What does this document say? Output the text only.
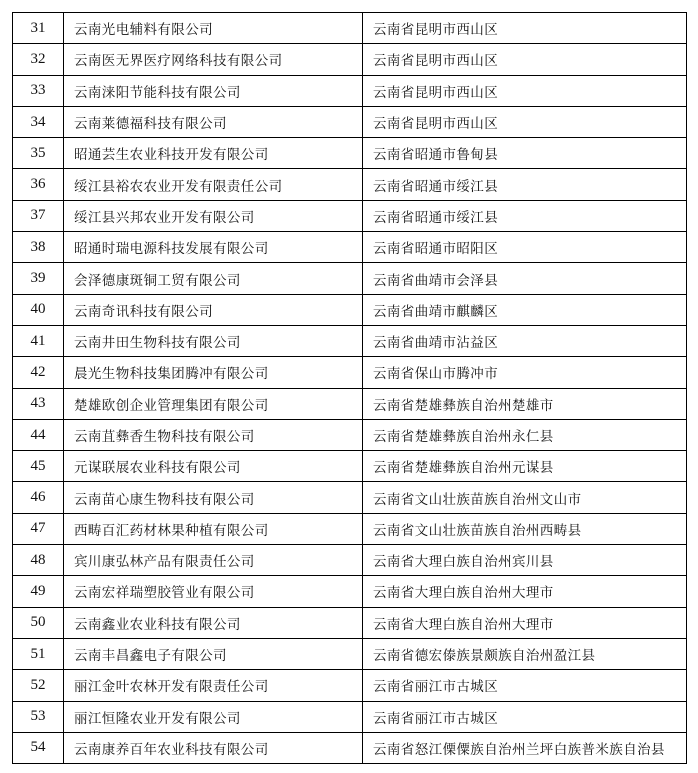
31	云南光电辅料有限公司	云南省昆明市西山区
32	云南医无界医疗网络科技有限公司	云南省昆明市西山区
33	云南涞阳节能科技有限公司	云南省昆明市西山区
34	云南莱德福科技有限公司	云南省昆明市西山区
35	昭通芸生农业科技开发有限公司	云南省昭通市鲁甸县
36	绥江县裕农农业开发有限责任公司	云南省昭通市绥江县
37	绥江县兴邦农业开发有限公司	云南省昭通市绥江县
38	昭通时瑞电源科技发展有限公司	云南省昭通市昭阳区
39	会泽德康斑铜工贸有限公司	云南省曲靖市会泽县
40	云南奇讯科技有限公司	云南省曲靖市麒麟区
41	云南井田生物科技有限公司	云南省曲靖市沾益区
42	晨光生物科技集团腾冲有限公司	云南省保山市腾冲市
43	楚雄欧创企业管理集团有限公司	云南省楚雄彝族自治州楚雄市
44	云南苴彝香生物科技有限公司	云南省楚雄彝族自治州永仁县
45	元谋联展农业科技有限公司	云南省楚雄彝族自治州元谋县
46	云南苗心康生物科技有限公司	云南省文山壮族苗族自治州文山市
47	西畴百汇药材林果种植有限公司	云南省文山壮族苗族自治州西畴县
48	宾川康弘林产品有限责任公司	云南省大理白族自治州宾川县
49	云南宏祥瑞塑胶管业有限公司	云南省大理白族自治州大理市
50	云南鑫业农业科技有限公司	云南省大理白族自治州大理市
51	云南丰昌鑫电子有限公司	云南省德宏傣族景颇族自治州盈江县
52	丽江金叶农林开发有限责任公司	云南省丽江市古城区
53	丽江恒隆农业开发有限公司	云南省丽江市古城区
54	云南康养百年农业科技有限公司	云南省怒江傈僳族自治州兰坪白族普米族自治县
